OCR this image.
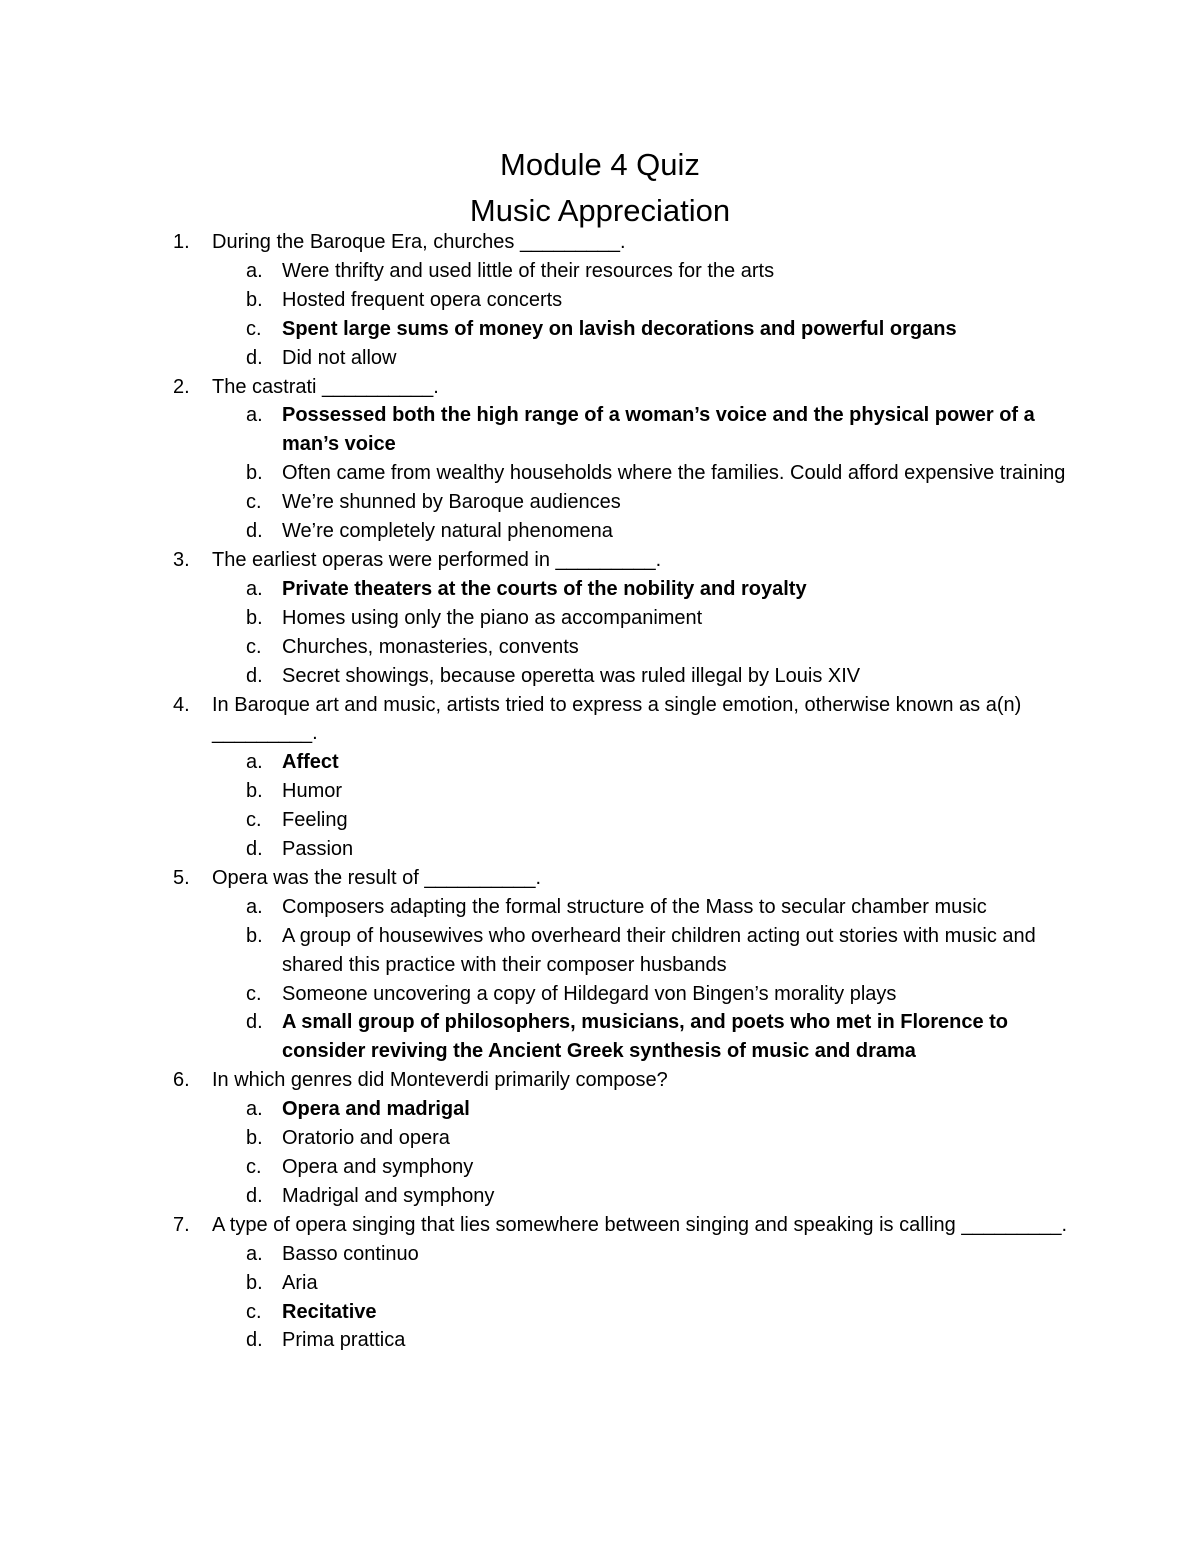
Module 4 Quiz
Music Appreciation
1. During the Baroque Era, churches _________.
a. Were thrifty and used little of their resources for the arts
b. Hosted frequent opera concerts
c.	Spent large sums of money on lavish decorations and powerful organs
d. Did not allow
2. The castrati __________.
a. Possessed both the high range of a woman’s voice and the physical power of a man’s voice
b. Often came from wealthy households where the families. Could afford expensive training
c.	We’re shunned by Baroque audiences
d. We’re completely natural phenomena
3. The earliest operas were performed in _________.
a. Private theaters at the courts of the nobility and royalty
b. Homes using only the piano as accompaniment
c.	Churches, monasteries, convents
d. Secret showings, because operetta was ruled illegal by Louis XIV
4. In Baroque art and music, artists tried to express a single emotion, otherwise known as a(n) _________.
a. Affect
b. Humor
c.	Feeling
d. Passion
5. Opera was the result of __________.
a. Composers adapting the formal structure of the Mass to secular chamber music
b. A group of housewives who overheard their children acting out stories with music and shared this practice with their composer husbands
c.	Someone uncovering a copy of Hildegard von Bingen’s morality plays
d. A small group of philosophers, musicians, and poets who met in Florence to consider reviving the Ancient Greek synthesis of music and drama
6. In which genres did Monteverdi primarily compose?
a. Opera and madrigal
b. Oratorio and opera
c.	Opera and symphony
d. Madrigal and symphony
7. A type of opera singing that lies somewhere between singing and speaking is calling _________.
a. Basso continuo
b. Aria
c.	Recitative
d. Prima prattica
